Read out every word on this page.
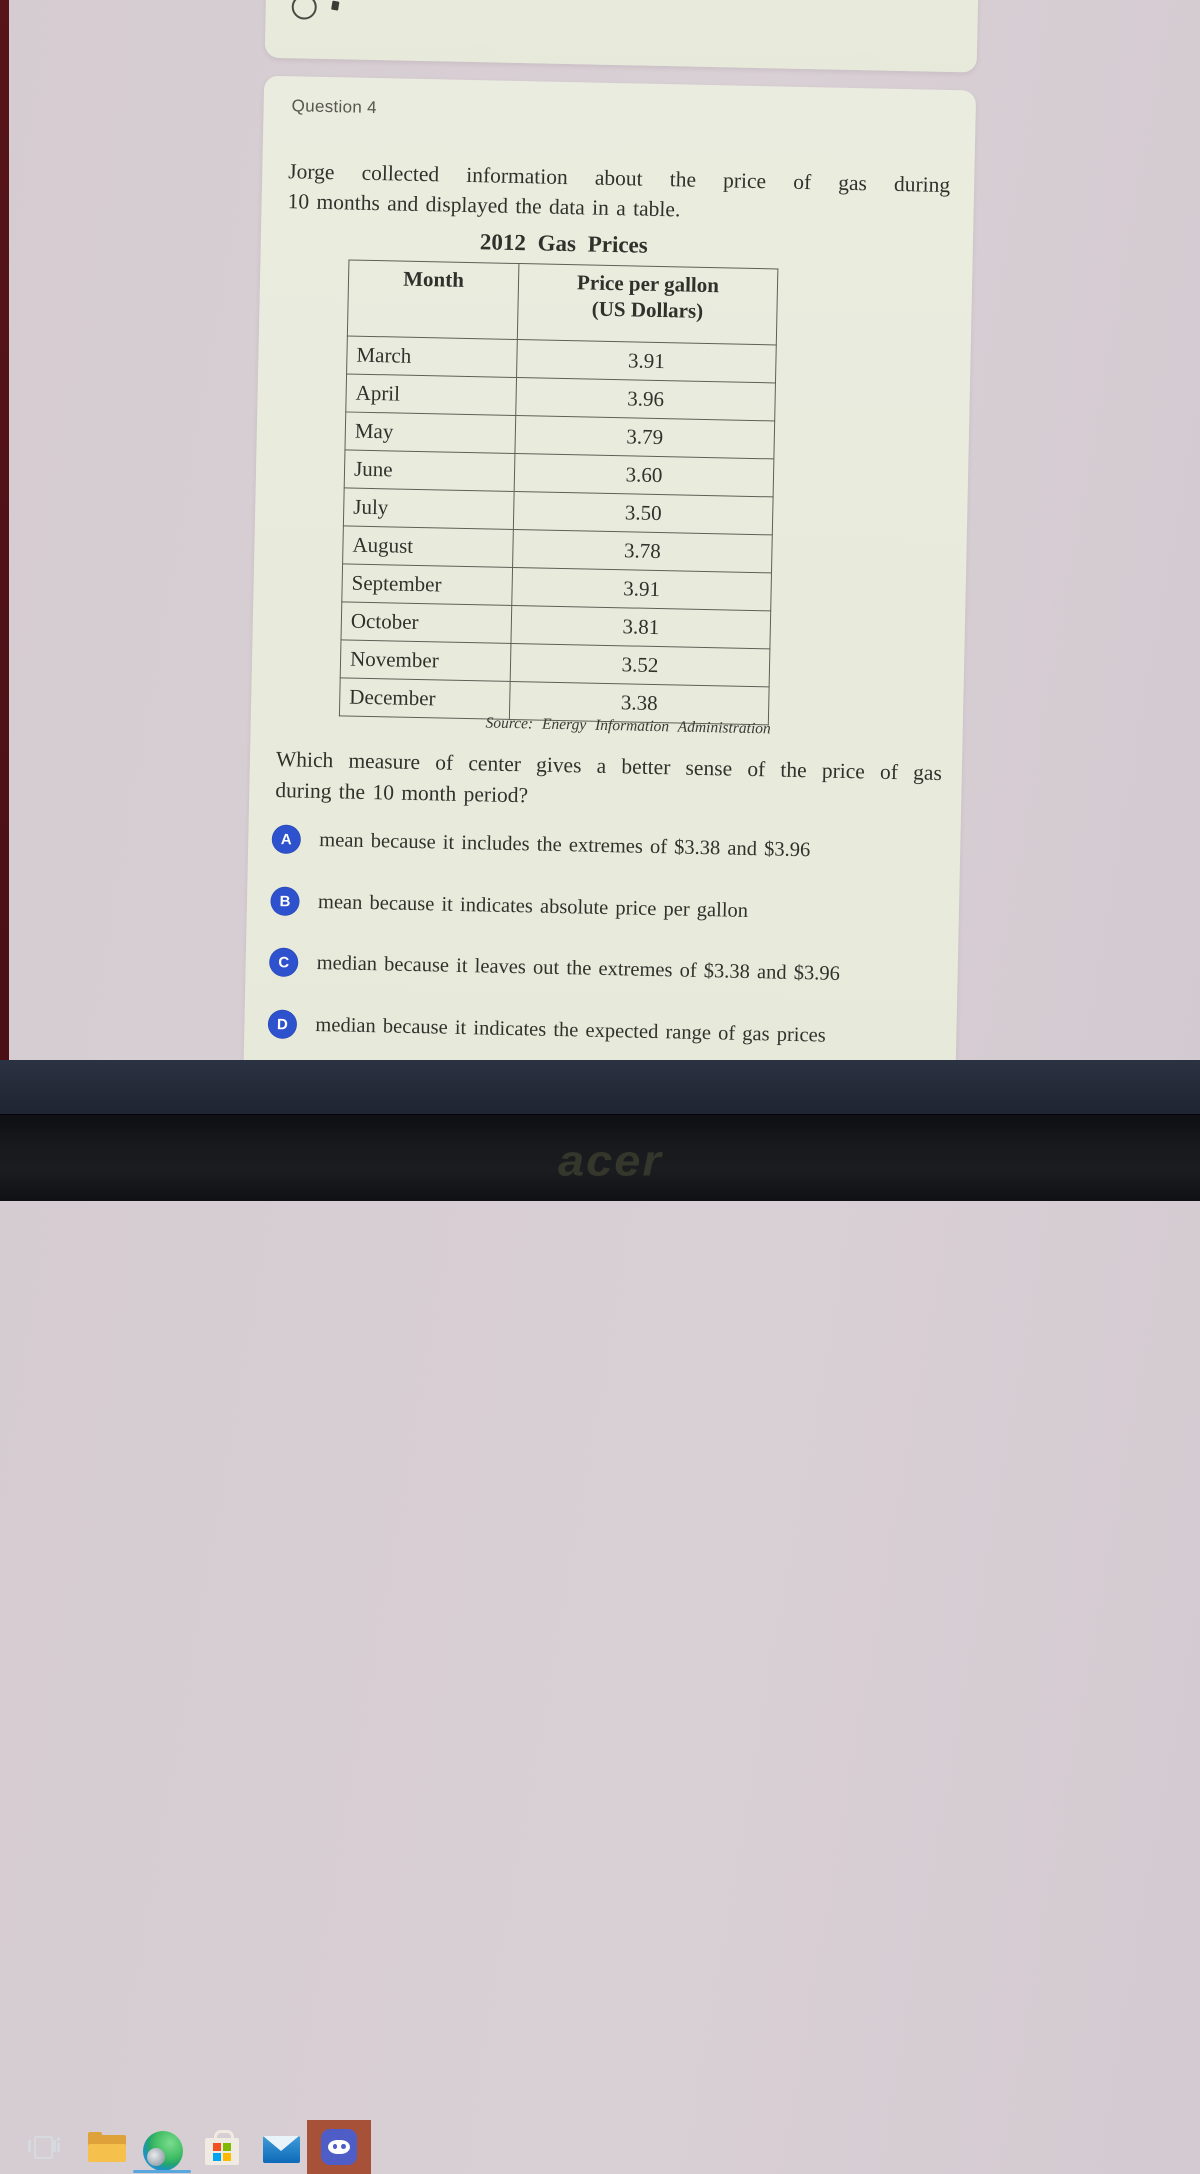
Question 4
Jorge collected information about the price of gas during
10 months and displayed the data in a table.
2012 Gas Prices
Month	Price per gallon
(US Dollars)

March	3.91
April	3.96
May	3.79
June	3.60
July	3.50
August	3.78
September	3.91
October	3.81
November	3.52
December	3.38
Source: Energy Information Administration
Which measure of center gives a better sense of the price of gas
during the 10 month period?
A	mean because it includes the extremes of $3.38 and $3.96
B	mean because it indicates absolute price per gallon
C	median because it leaves out the extremes of $3.38 and $3.96
D	median because it indicates the expected range of gas prices
acer
